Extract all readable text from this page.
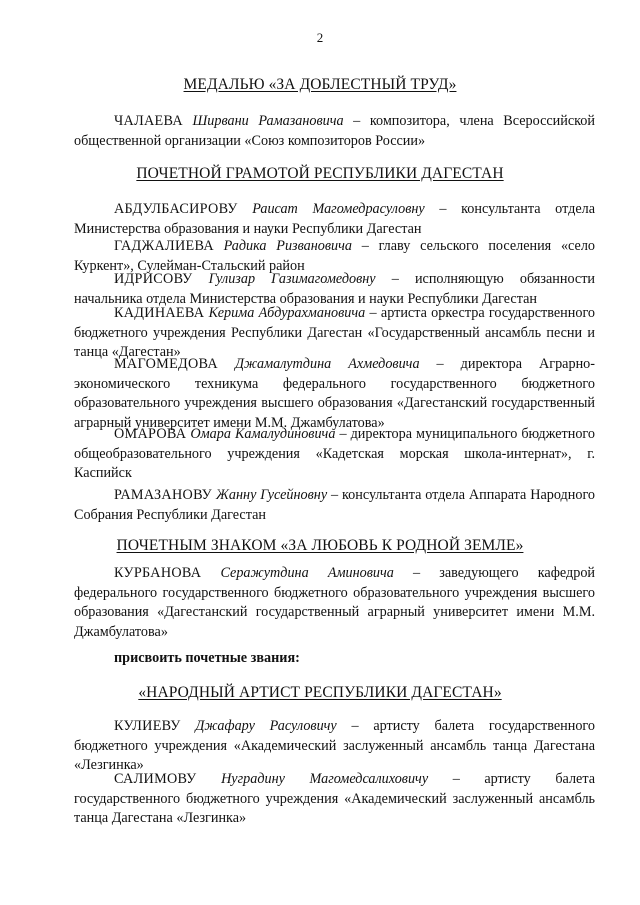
2
МЕДАЛЬЮ «ЗА ДОБЛЕСТНЫЙ ТРУД»

ЧАЛАЕВА Ширвани Рамазановича – композитора, члена Всероссийской общественной организации «Союз композиторов России»

ПОЧЕТНОЙ ГРАМОТОЙ РЕСПУБЛИКИ ДАГЕСТАН

АБДУЛБАСИРОВУ Раисат Магомедрасуловну – консультанта отдела Министерства образования и науки Республики Дагестан

ГАДЖАЛИЕВА Радика Ризвановича – главу сельского поселения «село Куркент», Сулейман-Стальский район

ИДРИСОВУ Гулизар Газимагомедовну – исполняющую обязанности начальника отдела Министерства образования и науки Республики Дагестан

КАДИНАЕВА Керима Абдурахмановича – артиста оркестра государственного бюджетного учреждения Республики Дагестан «Государственный ансамбль песни и танца «Дагестан»

МАГОМЕДОВА Джамалутдина Ахмедовича – директора Аграрно-экономического техникума федерального государственного бюджетного образовательного учреждения высшего образования «Дагестанский государственный аграрный университет имени М.М. Джамбулатова»

ОМАРОВА Омара Камалудиновича – директора муниципального бюджетного общеобразовательного учреждения «Кадетская морская школа-интернат», г. Каспийск

РАМАЗАНОВУ Жанну Гусейновну – консультанта отдела Аппарата Народного Собрания Республики Дагестан

ПОЧЕТНЫМ ЗНАКОМ «ЗА ЛЮБОВЬ К РОДНОЙ ЗЕМЛЕ»

КУРБАНОВА Серажутдина Аминовича – заведующего кафедрой федерального государственного бюджетного образовательного учреждения высшего образования «Дагестанский государственный аграрный университет имени М.М. Джамбулатова»

присвоить почетные звания:
«НАРОДНЫЙ АРТИСТ РЕСПУБЛИКИ ДАГЕСТАН»

КУЛИЕВУ Джафару Расуловичу – артисту балета государственного бюджетного учреждения «Академический заслуженный ансамбль танца Дагестана «Лезгинка»

САЛИМОВУ Нуградину Магомедсалиховичу – артисту балета государственного бюджетного учреждения «Академический заслуженный ансамбль танца Дагестана «Лезгинка»
